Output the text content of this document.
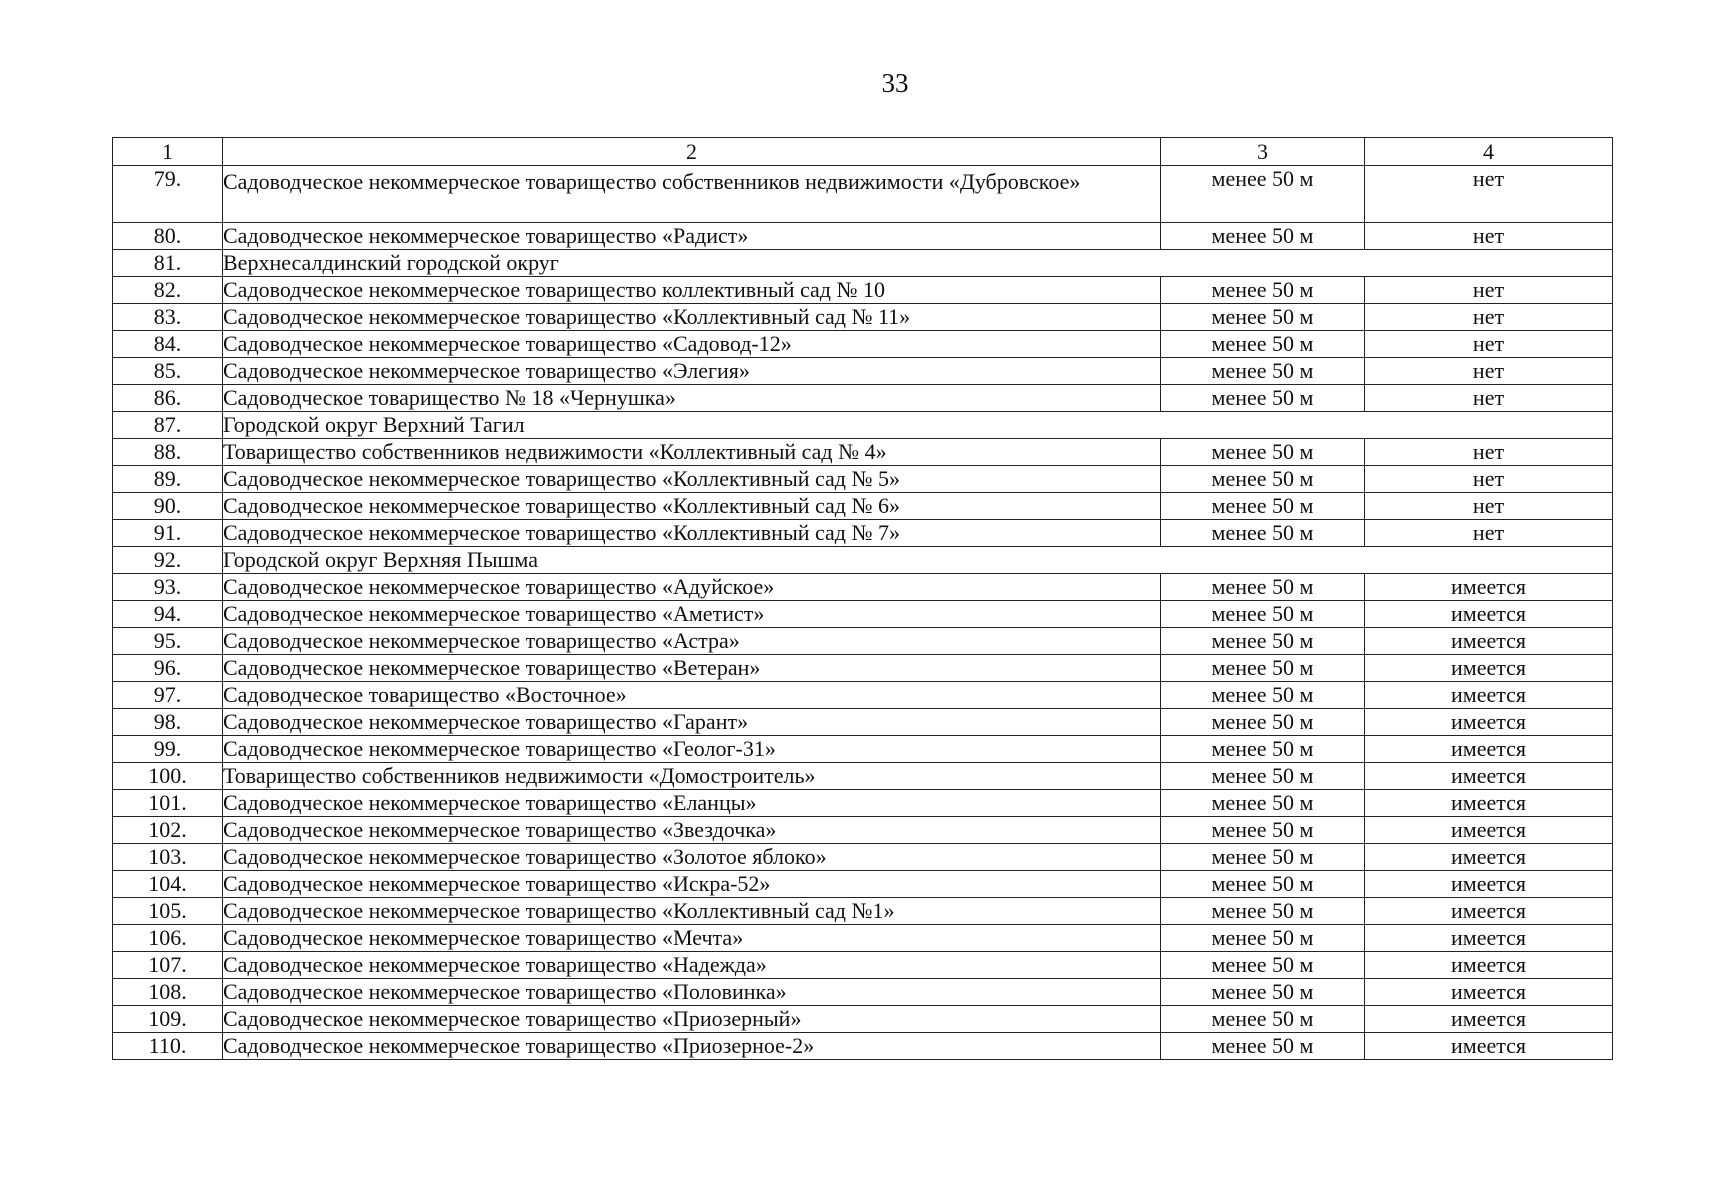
33
1	2	3	4
79.	Садоводческое некоммерческое товарищество собственников недвижимости «Дубровское»	менее 50 м	нет
80.	Садоводческое некоммерческое товарищество «Радист»	менее 50 м	нет
81.	Верхнесалдинский городской округ		
82.	Садоводческое некоммерческое товарищество коллективный сад № 10	менее 50 м	нет
83.	Садоводческое некоммерческое товарищество «Коллективный сад № 11»	менее 50 м	нет
84.	Садоводческое некоммерческое товарищество «Садовод-12»	менее 50 м	нет
85.	Садоводческое некоммерческое товарищество «Элегия»	менее 50 м	нет
86.	Садоводческое товарищество № 18 «Чернушка»	менее 50 м	нет
87.	Городской округ Верхний Тагил		
88.	Товарищество собственников недвижимости «Коллективный сад № 4»	менее 50 м	нет
89.	Садоводческое некоммерческое товарищество «Коллективный сад № 5»	менее 50 м	нет
90.	Садоводческое некоммерческое товарищество «Коллективный сад № 6»	менее 50 м	нет
91.	Садоводческое некоммерческое товарищество «Коллективный сад № 7»	менее 50 м	нет
92.	Городской округ Верхняя Пышма		
93.	Садоводческое некоммерческое товарищество «Адуйское»	менее 50 м	имеется
94.	Садоводческое некоммерческое товарищество «Аметист»	менее 50 м	имеется
95.	Садоводческое некоммерческое товарищество «Астра»	менее 50 м	имеется
96.	Садоводческое некоммерческое товарищество «Ветеран»	менее 50 м	имеется
97.	Садоводческое товарищество «Восточное»	менее 50 м	имеется
98.	Садоводческое некоммерческое товарищество «Гарант»	менее 50 м	имеется
99.	Садоводческое некоммерческое товарищество «Геолог-31»	менее 50 м	имеется
100.	Товарищество собственников недвижимости «Домостроитель»	менее 50 м	имеется
101.	Садоводческое некоммерческое товарищество «Еланцы»	менее 50 м	имеется
102.	Садоводческое некоммерческое товарищество «Звездочка»	менее 50 м	имеется
103.	Садоводческое некоммерческое товарищество «Золотое яблоко»	менее 50 м	имеется
104.	Садоводческое некоммерческое товарищество «Искра-52»	менее 50 м	имеется
105.	Садоводческое некоммерческое товарищество «Коллективный сад №1»	менее 50 м	имеется
106.	Садоводческое некоммерческое товарищество «Мечта»	менее 50 м	имеется
107.	Садоводческое некоммерческое товарищество «Надежда»	менее 50 м	имеется
108.	Садоводческое некоммерческое товарищество «Половинка»	менее 50 м	имеется
109.	Садоводческое некоммерческое товарищество «Приозерный»	менее 50 м	имеется
110.	Садоводческое некоммерческое товарищество «Приозерное-2»	менее 50 м	имеется
